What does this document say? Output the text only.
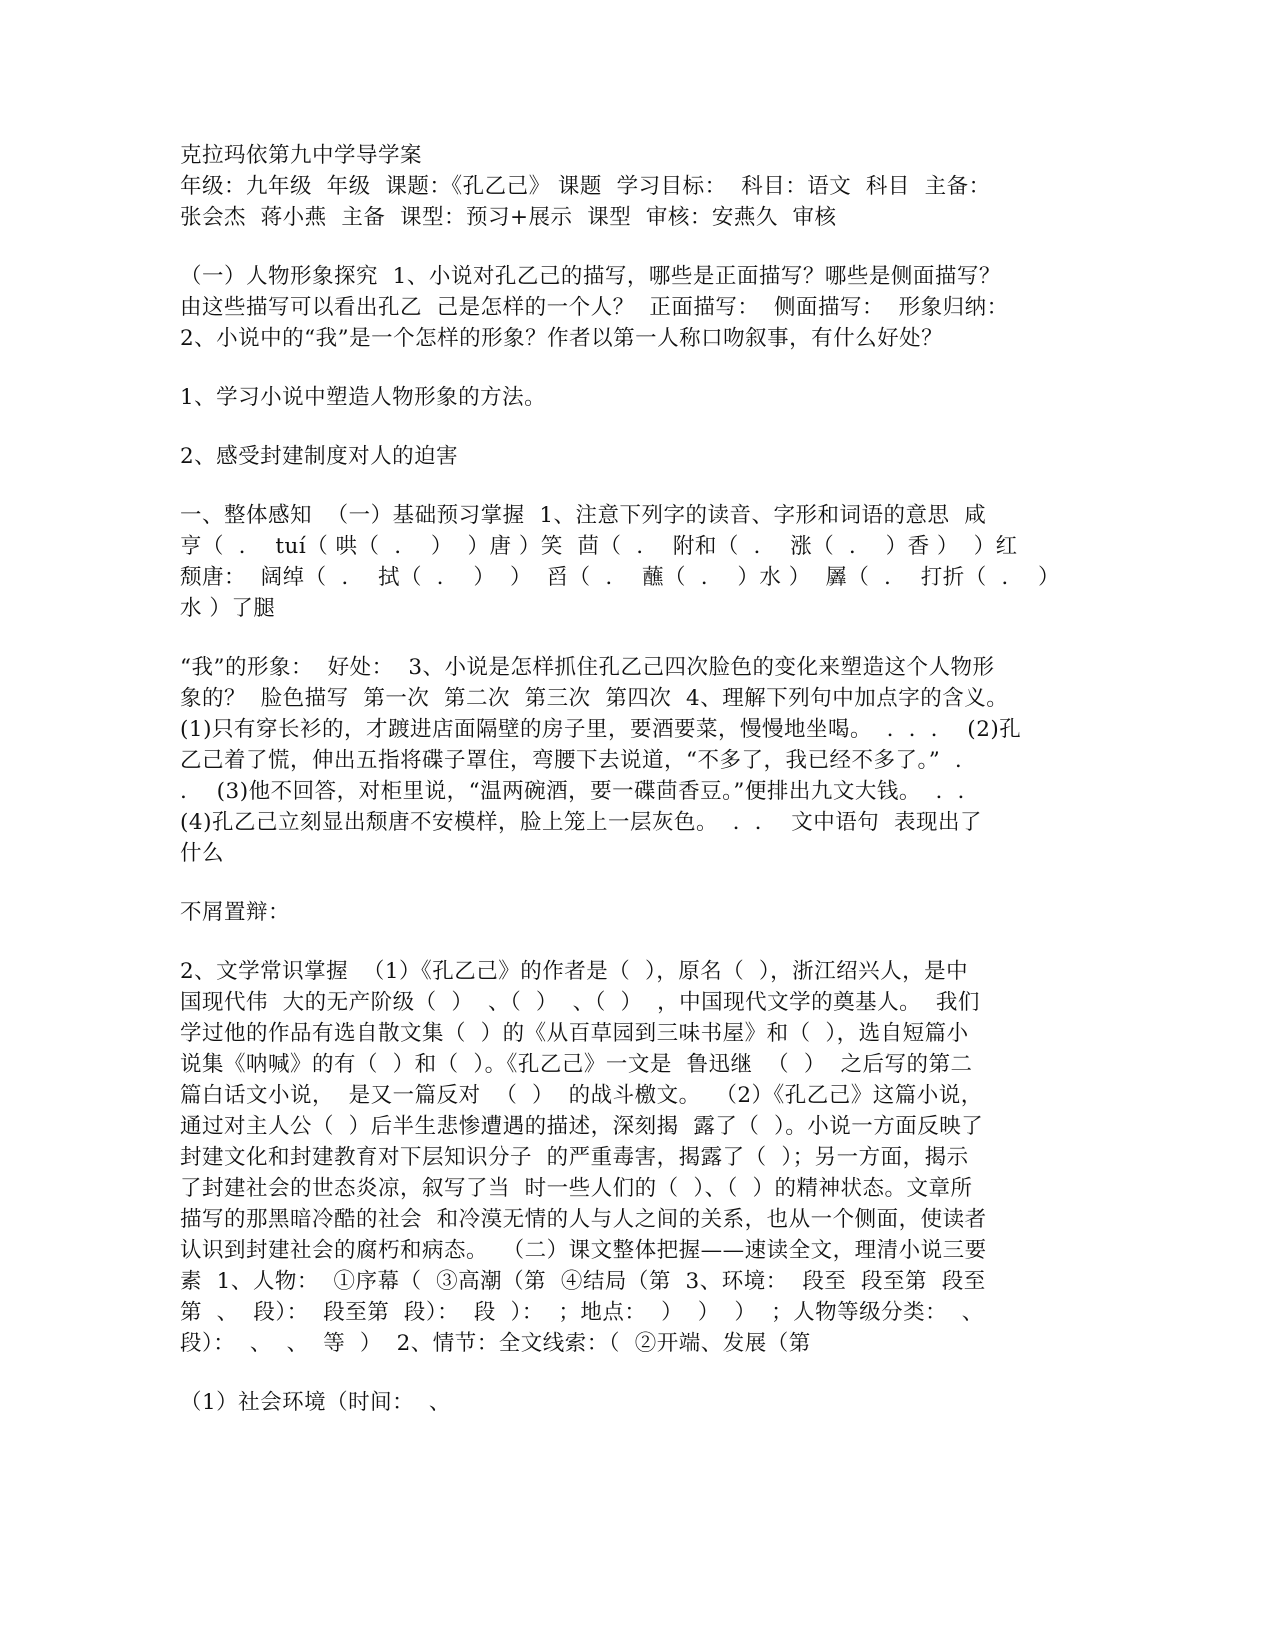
克拉玛依第九中学导学案
年级：九年级  年级  课题：《孔乙己》 课题  学习目标：  科目：语文  科目  主备：
张会杰  蒋小燕  主备  课型：预习+展示  课型  审核：安燕久  审核
（一）人物形象探究  1、小说对孔乙己的描写，哪些是正面描写？哪些是侧面描写？
由这些描写可以看出孔乙  己是怎样的一个人？  正面描写：  侧面描写：  形象归纳：
2、小说中的“我”是一个怎样的形象？作者以第一人称口吻叙事，有什么好处？
1、学习小说中塑造人物形象的方法。
2、感受封建制度对人的迫害
一、整体感知  （一）基础预习掌握  1、注意下列字的读音、字形和词语的意思  咸
亨（  .    tuí（ 哄（  .    ）  ）唐 ）笑  茴（  .    附和（  .    涨（  .    ）香 ）  ）红
颓唐：  阔绰（  .    拭（  .    ）  ）  舀（  .    蘸（  .    ）水 ）  羼（  .    打折（  .    ）
水 ）了腿
“我”的形象：  好处：  3、小说是怎样抓住孔乙己四次脸色的变化来塑造这个人物形
象的？  脸色描写  第一次  第二次  第三次  第四次  4、理解下列句中加点字的含义。
(1)只有穿长衫的，才踱进店面隔壁的房子里，要酒要菜，慢慢地坐喝。  .  .  .    (2)孔
乙己着了慌，伸出五指将碟子罩住，弯腰下去说道，“不多了，我已经不多了。”  .
.    (3)他不回答，对柜里说，“温两碗酒，要一碟茴香豆。”便排出九文大钱。  .  .
(4)孔乙己立刻显出颓唐不安模样，脸上笼上一层灰色。  .  .    文中语句  表现出了
什么
不屑置辩：
2、文学常识掌握  （1）《孔乙己》的作者是（  ），原名（  ），浙江绍兴人，是中
国现代伟  大的无产阶级（  ）  、（  ）  、（  ）  ，中国现代文学的奠基人。  我们
学过他的作品有选自散文集（  ）的《从百草园到三味书屋》和（  ），选自短篇小
说集《呐喊》的有（  ）和（  ）。《孔乙己》一文是  鲁迅继  （  ）  之后写的第二
篇白话文小说，  是又一篇反对  （  ）  的战斗檄文。  （2）《孔乙己》这篇小说，
通过对主人公（  ）后半生悲惨遭遇的描述，深刻揭  露了（  ）。小说一方面反映了
封建文化和封建教育对下层知识分子  的严重毒害，揭露了（  ）；另一方面，揭示
了封建社会的世态炎凉，叙写了当  时一些人们的（  ）、（  ）的精神状态。文章所
描写的那黑暗冷酷的社会  和冷漠无情的人与人之间的关系，也从一个侧面，使读者
认识到封建社会的腐朽和病态。  （二）课文整体把握——速读全文，理清小说三要
素  1、人物：  ①序幕（  ③高潮（第  ④结局（第  3、环境：  段至  段至第  段至
第  、  段）：  段至第  段）：  段  ）：  ；地点：  ）  ）  ）  ；人物等级分类：  、
段）：  、  、  等  ）  2、情节：全文线索：（  ②开端、发展（第
（1）社会环境（时间：  、
